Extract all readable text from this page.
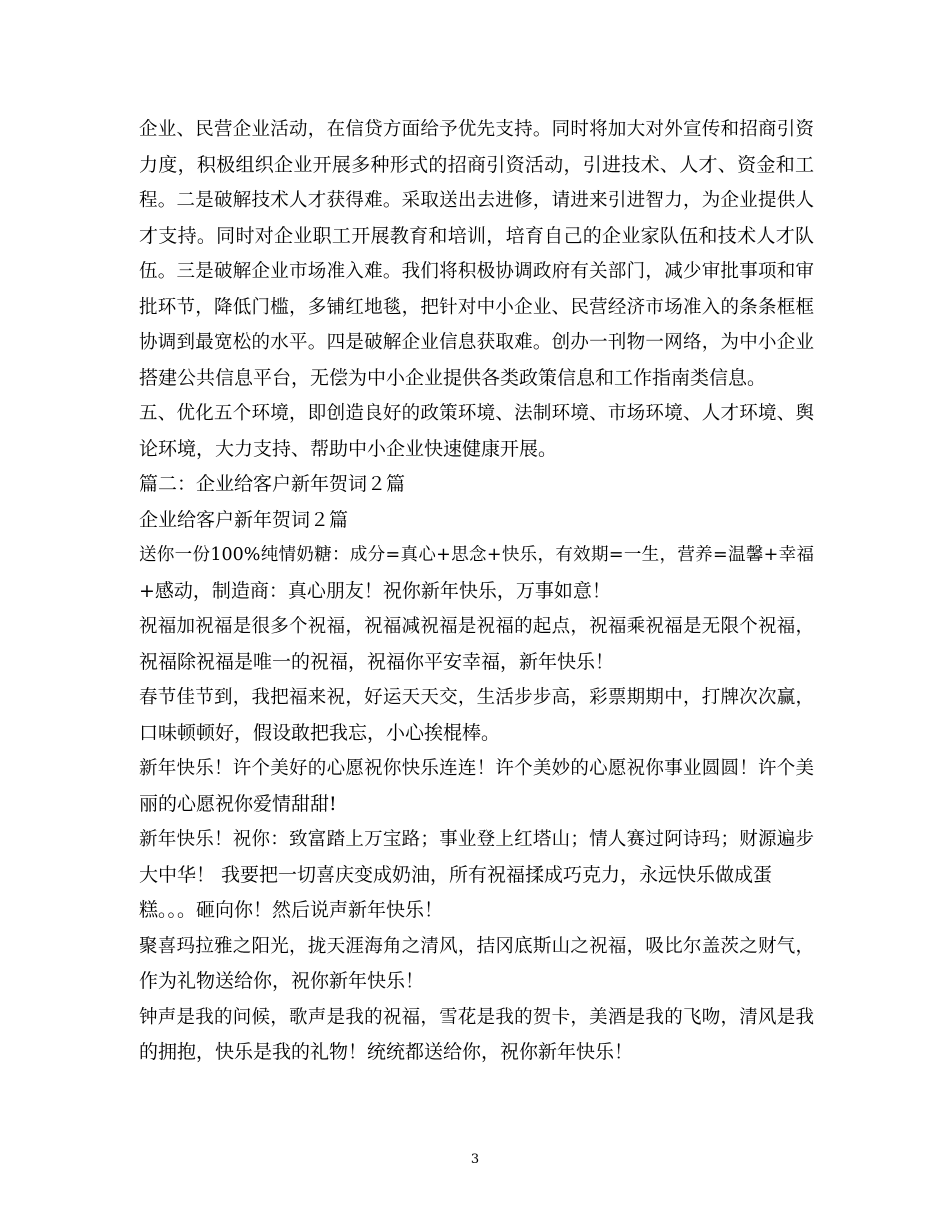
企业、民营企业活动，在信贷方面给予优先支持。同时将加大对外宣传和招商引资
力度，积极组织企业开展多种形式的招商引资活动，引进技术、人才、资金和工
程。二是破解技术人才获得难。采取送出去进修，请进来引进智力，为企业提供人
才支持。同时对企业职工开展教育和培训，培育自己的企业家队伍和技术人才队
伍。三是破解企业市场准入难。我们将积极协调政府有关部门，减少审批事项和审
批环节，降低门槛，多铺红地毯，把针对中小企业、民营经济市场准入的条条框框
协调到最宽松的水平。四是破解企业信息获取难。创办一刊物一网络，为中小企业
搭建公共信息平台，无偿为中小企业提供各类政策信息和工作指南类信息。
五、优化五个环境，即创造良好的政策环境、法制环境、市场环境、人才环境、舆
论环境，大力支持、帮助中小企业快速健康开展。
篇二：企业给客户新年贺词２篇
企业给客户新年贺词２篇
送你一份100%纯情奶糖：成分=真心+思念+快乐，有效期=一生，营养=温馨+幸福
+感动，制造商：真心朋友！祝你新年快乐，万事如意！
祝福加祝福是很多个祝福，祝福减祝福是祝福的起点，祝福乘祝福是无限个祝福，
祝福除祝福是唯一的祝福，祝福你平安幸福，新年快乐！
春节佳节到，我把福来祝，好运天天交，生活步步高，彩票期期中，打牌次次赢，
口味顿顿好，假设敢把我忘，小心挨棍棒。
新年快乐！许个美好的心愿祝你快乐连连！许个美妙的心愿祝你事业圆圆！许个美
丽的心愿祝你爱情甜甜!
新年快乐！祝你：致富踏上万宝路；事业登上红塔山；情人赛过阿诗玛；财源遍步
大中华！ 我要把一切喜庆变成奶油，所有祝福揉成巧克力，永远快乐做成蛋
糕。。。砸向你！然后说声新年快乐！
聚喜玛拉雅之阳光，拢天涯海角之清风，拮冈底斯山之祝福，吸比尔盖茨之财气，
作为礼物送给你，祝你新年快乐！
钟声是我的问候，歌声是我的祝福，雪花是我的贺卡，美酒是我的飞吻，清风是我
的拥抱，快乐是我的礼物！统统都送给你，祝你新年快乐！
3
